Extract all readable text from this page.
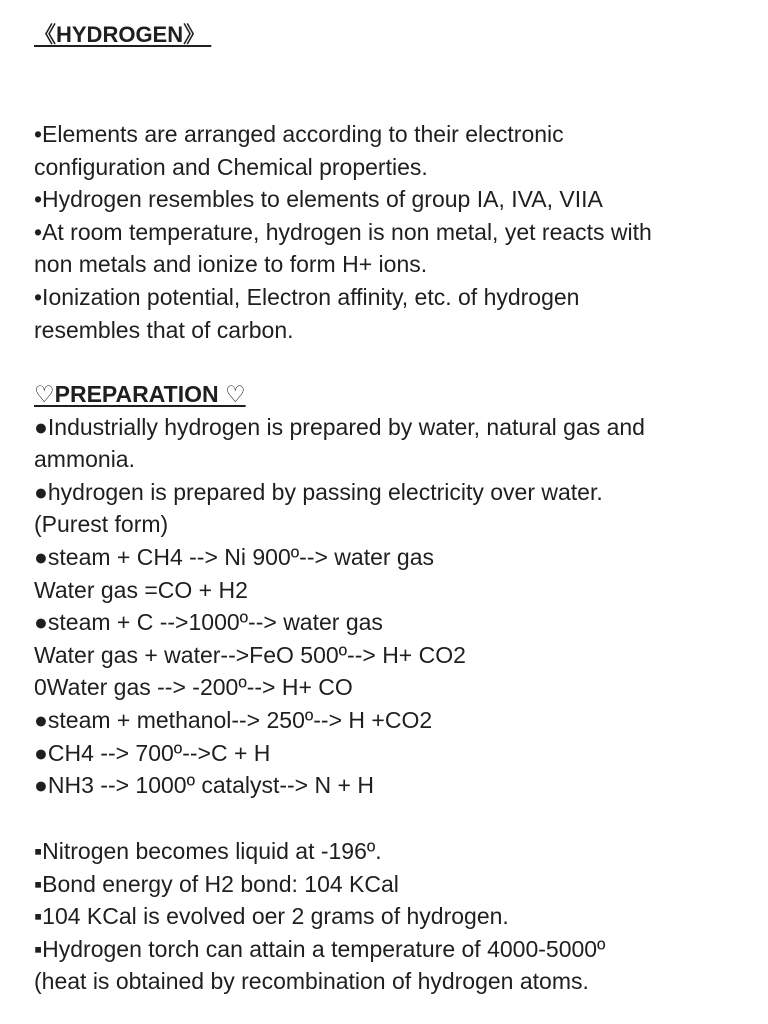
《HYDROGEN》
•Elements are arranged according to their electronic
configuration and Chemical properties.
•Hydrogen resembles to elements of group IA, IVA, VIIA
•At room temperature, hydrogen is non metal, yet reacts with
non metals and ionize to form H+ ions.
•Ionization potential, Electron affinity, etc. of hydrogen
resembles that of carbon.
♡PREPARATION ♡
●Industrially hydrogen is prepared by water, natural gas and
ammonia.
●hydrogen is prepared by passing electricity over water.
(Purest form)
●steam + CH4 --> Ni 900º--> water gas
Water gas =CO + H2
●steam + C -->1000º--> water gas
Water gas + water-->FeO 500º--> H+ CO2
0Water gas --> -200º--> H+ CO
●steam + methanol--> 250º--> H +CO2
●CH4 --> 700º-->C + H
●NH3 --> 1000º catalyst--> N + H
▪Nitrogen becomes liquid at -196º.
▪Bond energy of H2 bond: 104 KCal
▪104 KCal is evolved oer 2 grams of hydrogen.
▪Hydrogen torch can attain a temperature of 4000-5000º
(heat is obtained by recombination of hydrogen atoms.
